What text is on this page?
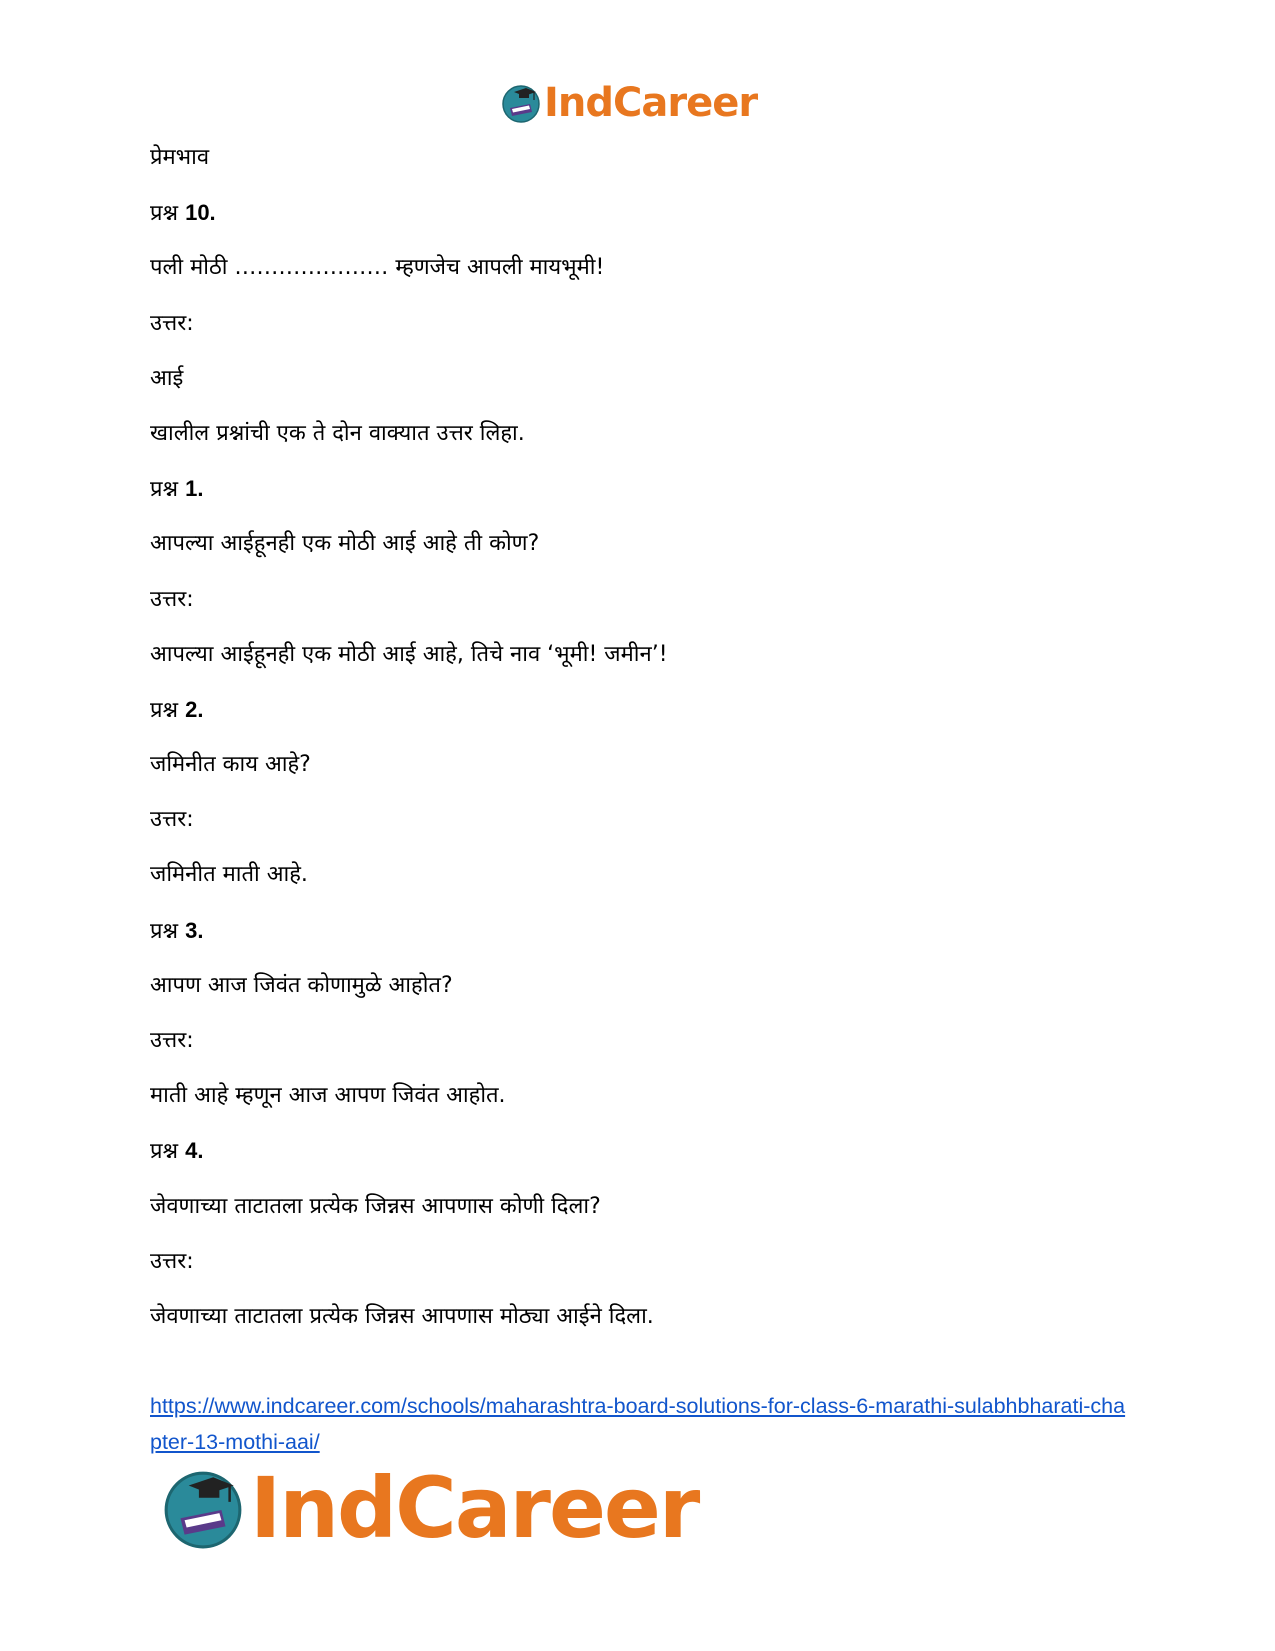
IndCareer
प्रेमभाव
प्रश्न 10.
पली मोठी ………………… म्हणजेच आपली मायभूमी!
उत्तर:
आई
खालील प्रश्नांची एक ते दोन वाक्यात उत्तर लिहा.
प्रश्न 1.
आपल्या आईहूनही एक मोठी आई आहे ती कोण?
उत्तर:
आपल्या आईहूनही एक मोठी आई आहे, तिचे नाव ‘भूमी! जमीन’!
प्रश्न 2.
जमिनीत काय आहे?
उत्तर:
जमिनीत माती आहे.
प्रश्न 3.
आपण आज जिवंत कोणामुळे आहोत?
उत्तर:
माती आहे म्हणून आज आपण जिवंत आहोत.
प्रश्न 4.
जेवणाच्या ताटातला प्रत्येक जिन्नस आपणास कोणी दिला?
उत्तर:
जेवणाच्या ताटातला प्रत्येक जिन्नस आपणास मोठ्या आईने दिला.
https://www.indcareer.com/schools/maharashtra-board-solutions-for-class-6-marathi-sulabhbharati-chapter-13-mothi-aai/
IndCareer
